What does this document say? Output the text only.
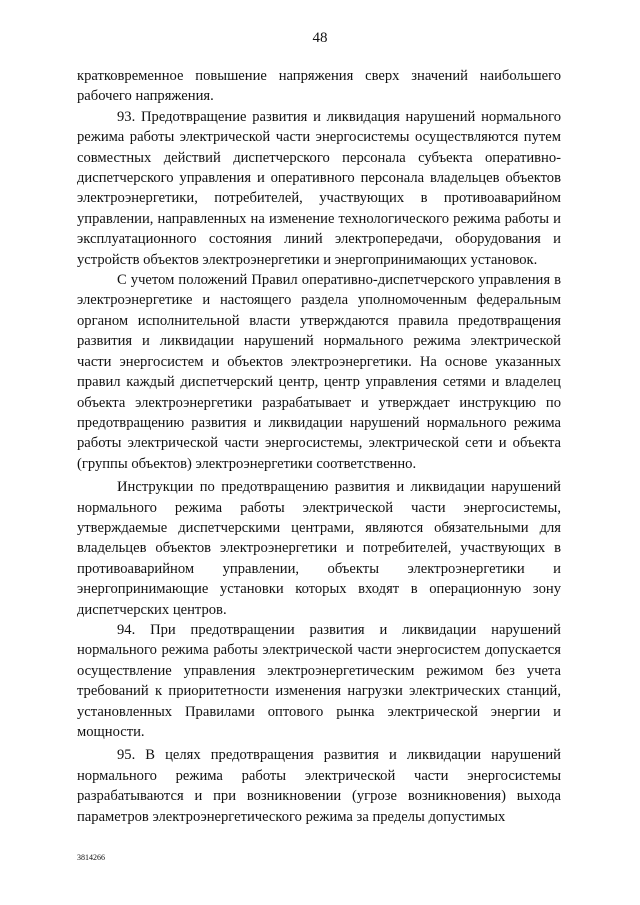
48

кратковременное повышение напряжения сверх значений наибольшего рабочего напряжения.

93. Предотвращение развития и ликвидация нарушений нормального режима работы электрической части энергосистемы осуществляются путем совместных действий диспетчерского персонала субъекта оперативно-диспетчерского управления и оперативного персонала владельцев объектов электроэнергетики, потребителей, участвующих в противоаварийном управлении, направленных на изменение технологического режима работы и эксплуатационного состояния линий электропередачи, оборудования и устройств объектов электроэнергетики и энергопринимающих установок.

С учетом положений Правил оперативно-диспетчерского управления в электроэнергетике и настоящего раздела уполномоченным федеральным органом исполнительной власти утверждаются правила предотвращения развития и ликвидации нарушений нормального режима электрической части энергосистем и объектов электроэнергетики. На основе указанных правил каждый диспетчерский центр, центр управления сетями и владелец объекта электроэнергетики разрабатывает и утверждает инструкцию по предотвращению развития и ликвидации нарушений нормального режима работы электрической части энергосистемы, электрической сети и объекта (группы объектов) электроэнергетики соответственно.

Инструкции по предотвращению развития и ликвидации нарушений нормального режима работы электрической части энергосистемы, утверждаемые диспетчерскими центрами, являются обязательными для владельцев объектов электроэнергетики и потребителей, участвующих в противоаварийном управлении, объекты электроэнергетики и энергопринимающие установки которых входят в операционную зону диспетчерских центров.

94. При предотвращении развития и ликвидации нарушений нормального режима работы электрической части энергосистем допускается осуществление управления электроэнергетическим режимом без учета требований к приоритетности изменения нагрузки электрических станций, установленных Правилами оптового рынка электрической энергии и мощности.

95. В целях предотвращения развития и ликвидации нарушений нормального режима работы электрической части энергосистемы разрабатываются и при возникновении (угрозе возникновения) выхода параметров электроэнергетического режима за пределы допустимых

3814266
